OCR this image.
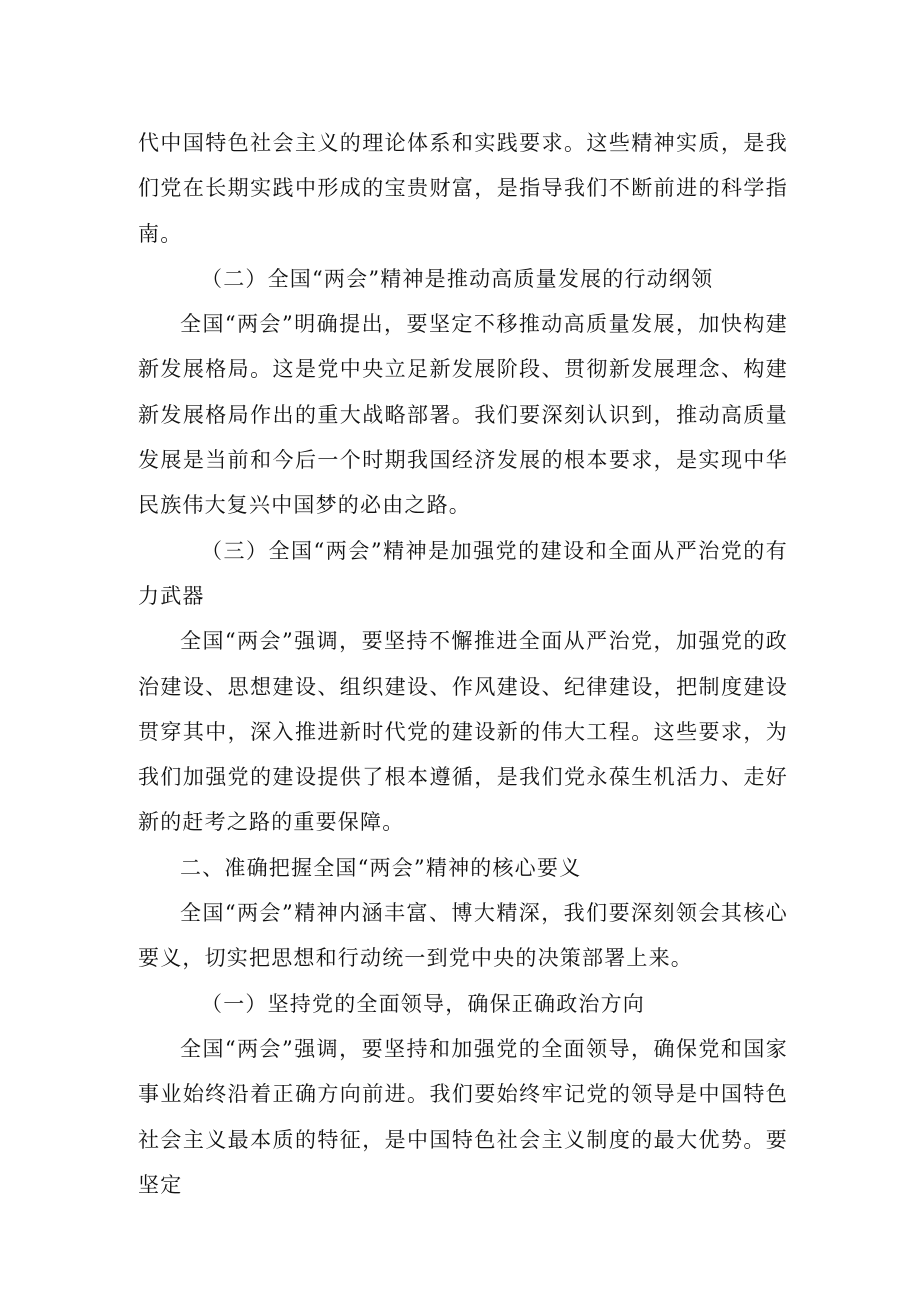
代中国特色社会主义的理论体系和实践要求。这些精神实质，是我们党在长期实践中形成的宝贵财富，是指导我们不断前进的科学指南。

（二）全国“两会”精神是推动高质量发展的行动纲领

全国“两会”明确提出，要坚定不移推动高质量发展，加快构建新发展格局。这是党中央立足新发展阶段、贯彻新发展理念、构建新发展格局作出的重大战略部署。我们要深刻认识到，推动高质量发展是当前和今后一个时期我国经济发展的根本要求，是实现中华民族伟大复兴中国梦的必由之路。

（三）全国“两会”精神是加强党的建设和全面从严治党的有力武器

全国“两会”强调，要坚持不懈推进全面从严治党，加强党的政治建设、思想建设、组织建设、作风建设、纪律建设，把制度建设贯穿其中，深入推进新时代党的建设新的伟大工程。这些要求，为我们加强党的建设提供了根本遵循，是我们党永葆生机活力、走好新的赶考之路的重要保障。

二、准确把握全国“两会”精神的核心要义

全国“两会”精神内涵丰富、博大精深，我们要深刻领会其核心要义，切实把思想和行动统一到党中央的决策部署上来。

（一）坚持党的全面领导，确保正确政治方向

全国“两会”强调，要坚持和加强党的全面领导，确保党和国家事业始终沿着正确方向前进。我们要始终牢记党的领导是中国特色社会主义最本质的特征，是中国特色社会主义制度的最大优势。要坚定
